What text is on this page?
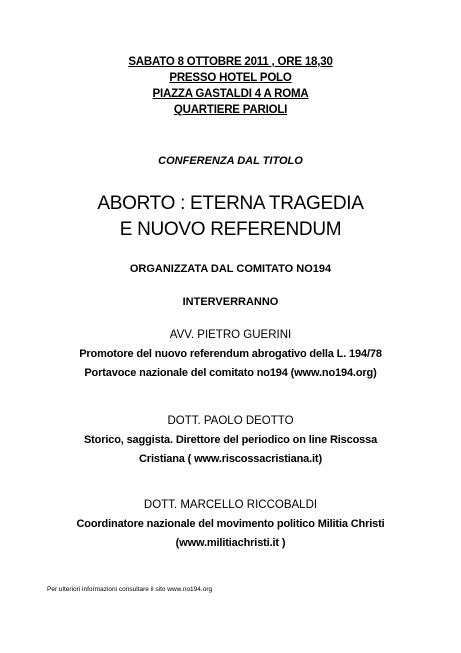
SABATO 8 OTTOBRE 2011 , ORE 18,30
PRESSO HOTEL POLO
PIAZZA GASTALDI 4 A ROMA
QUARTIERE PARIOLI
CONFERENZA DAL TITOLO
ABORTO : ETERNA TRAGEDIA
E NUOVO REFERENDUM
ORGANIZZATA DAL COMITATO NO194
INTERVERRANNO
AVV. PIETRO GUERINI
Promotore del nuovo referendum abrogativo della L. 194/78
Portavoce nazionale del comitato no194 (www.no194.org)
DOTT. PAOLO DEOTTO
Storico, saggista. Direttore del periodico on line Riscossa
Cristiana ( www.riscossacristiana.it)
DOTT. MARCELLO RICCOBALDI
Coordinatore nazionale del movimento politico Militia Christi
(www.militiachristi.it )
Per ulteriori informazioni consultare il sito www.no194.org
